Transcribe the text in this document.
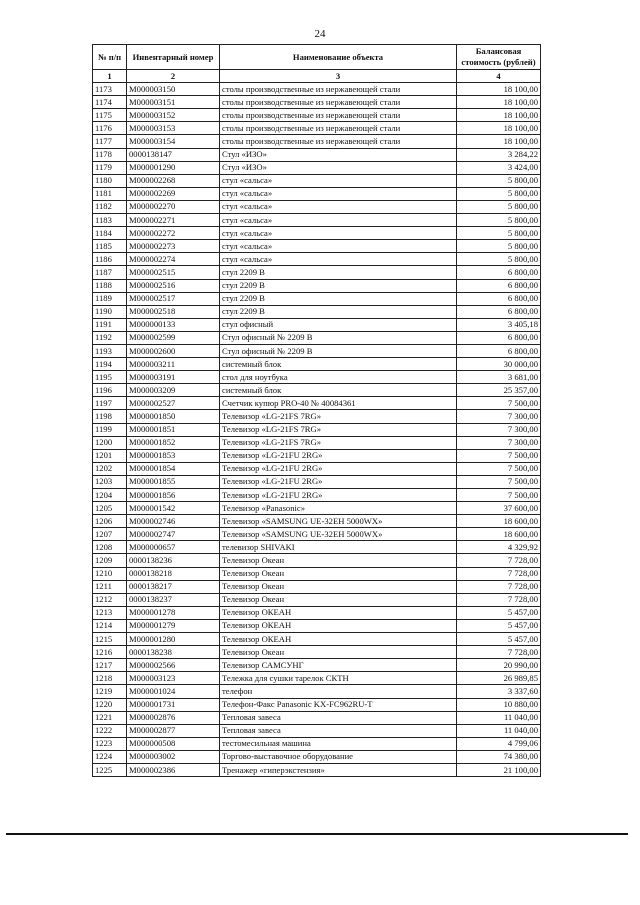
24
№ п/п	Инвентарный номер	Наименование объекта	Балансовая стоимость (рублей)
1	2	3	4
1173	М000003150	столы производственные из нержавеющей стали	18 100,00
1174	М000003151	столы производственные из нержавеющей стали	18 100,00
1175	М000003152	столы производственные из нержавеющей стали	18 100,00
1176	М000003153	столы производственные из нержавеющей стали	18 100,00
1177	М000003154	столы производственные из нержавеющей стали	18 100,00
1178	0000138147	Стул «ИЗО»	3 284,22
1179	М000001290	Стул «ИЗО»	3 424,00
1180	М000002268	стул «сальса»	5 800,00
1181	М000002269	стул «сальса»	5 800,00
1182	М000002270	стул «сальса»	5 800,00
1183	М000002271	стул «сальса»	5 800,00
1184	М000002272	стул «сальса»	5 800,00
1185	М000002273	стул «сальса»	5 800,00
1186	М000002274	стул «сальса»	5 800,00
1187	М000002515	стул 2209 В	6 800,00
1188	М000002516	стул 2209 В	6 800,00
1189	М000002517	стул 2209 В	6 800,00
1190	М000002518	стул 2209 В	6 800,00
1191	М000000133	стул офисный	3 405,18
1192	М000002599	Стул офисный № 2209 В	6 800,00
1193	М000002600	Стул офисный № 2209 В	6 800,00
1194	М000003211	системный блок	30 000,00
1195	М000003191	стол для ноутбука	3 681,00
1196	М000003209	системный блок	25 357,00
1197	М000002527	Счетчик купюр PRO-40 № 40084361	7 500,00
1198	М000001850	Телевизор «LG-21FS 7RG»	7 300,00
1199	М000001851	Телевизор «LG-21FS 7RG»	7 300,00
1200	М000001852	Телевизор «LG-21FS 7RG»	7 300,00
1201	М000001853	Телевизор «LG-21FU 2RG»	7 500,00
1202	М000001854	Телевизор «LG-21FU 2RG»	7 500,00
1203	М000001855	Телевизор «LG-21FU 2RG»	7 500,00
1204	М000001856	Телевизор «LG-21FU 2RG»	7 500,00
1205	М000001542	Телевизор «Panasonic»	37 600,00
1206	М000002746	Телевизор «SAMSUNG UE-32EH 5000WX»	18 600,00
1207	М000002747	Телевизор «SAMSUNG UE-32EH 5000WX»	18 600,00
1208	М000000657	телевизор SHIVAKI	4 329,92
1209	0000138236	Телевизор Океан	7 728,00
1210	0000138218	Телевизор Океан	7 728,00
1211	0000138217	Телевизор Океан	7 728,00
1212	0000138237	Телевизор Океан	7 728,00
1213	М000001278	Телевизор ОКЕАН	5 457,00
1214	М000001279	Телевизор ОКЕАН	5 457,00
1215	М000001280	Телевизор ОКЕАН	5 457,00
1216	0000138238	Телевизор Океан	7 728,00
1217	М000002566	Телевизор САМСУНГ	20 990,00
1218	М000003123	Тележка для сушки тарелок СКТН	26 989,85
1219	М000001024	телефон	3 337,60
1220	М000001731	Телефон-Факс Panasonic KX-FC962RU-T	10 880,00
1221	М000002876	Тепловая завеса	11 040,00
1222	М000002877	Тепловая завеса	11 040,00
1223	М000000508	тестомесильная машина	4 799,06
1224	М000003002	Торгово-выставочное оборудование	74 380,00
1225	М000002386	Тренажер «гиперэкстензия»	21 100,00
